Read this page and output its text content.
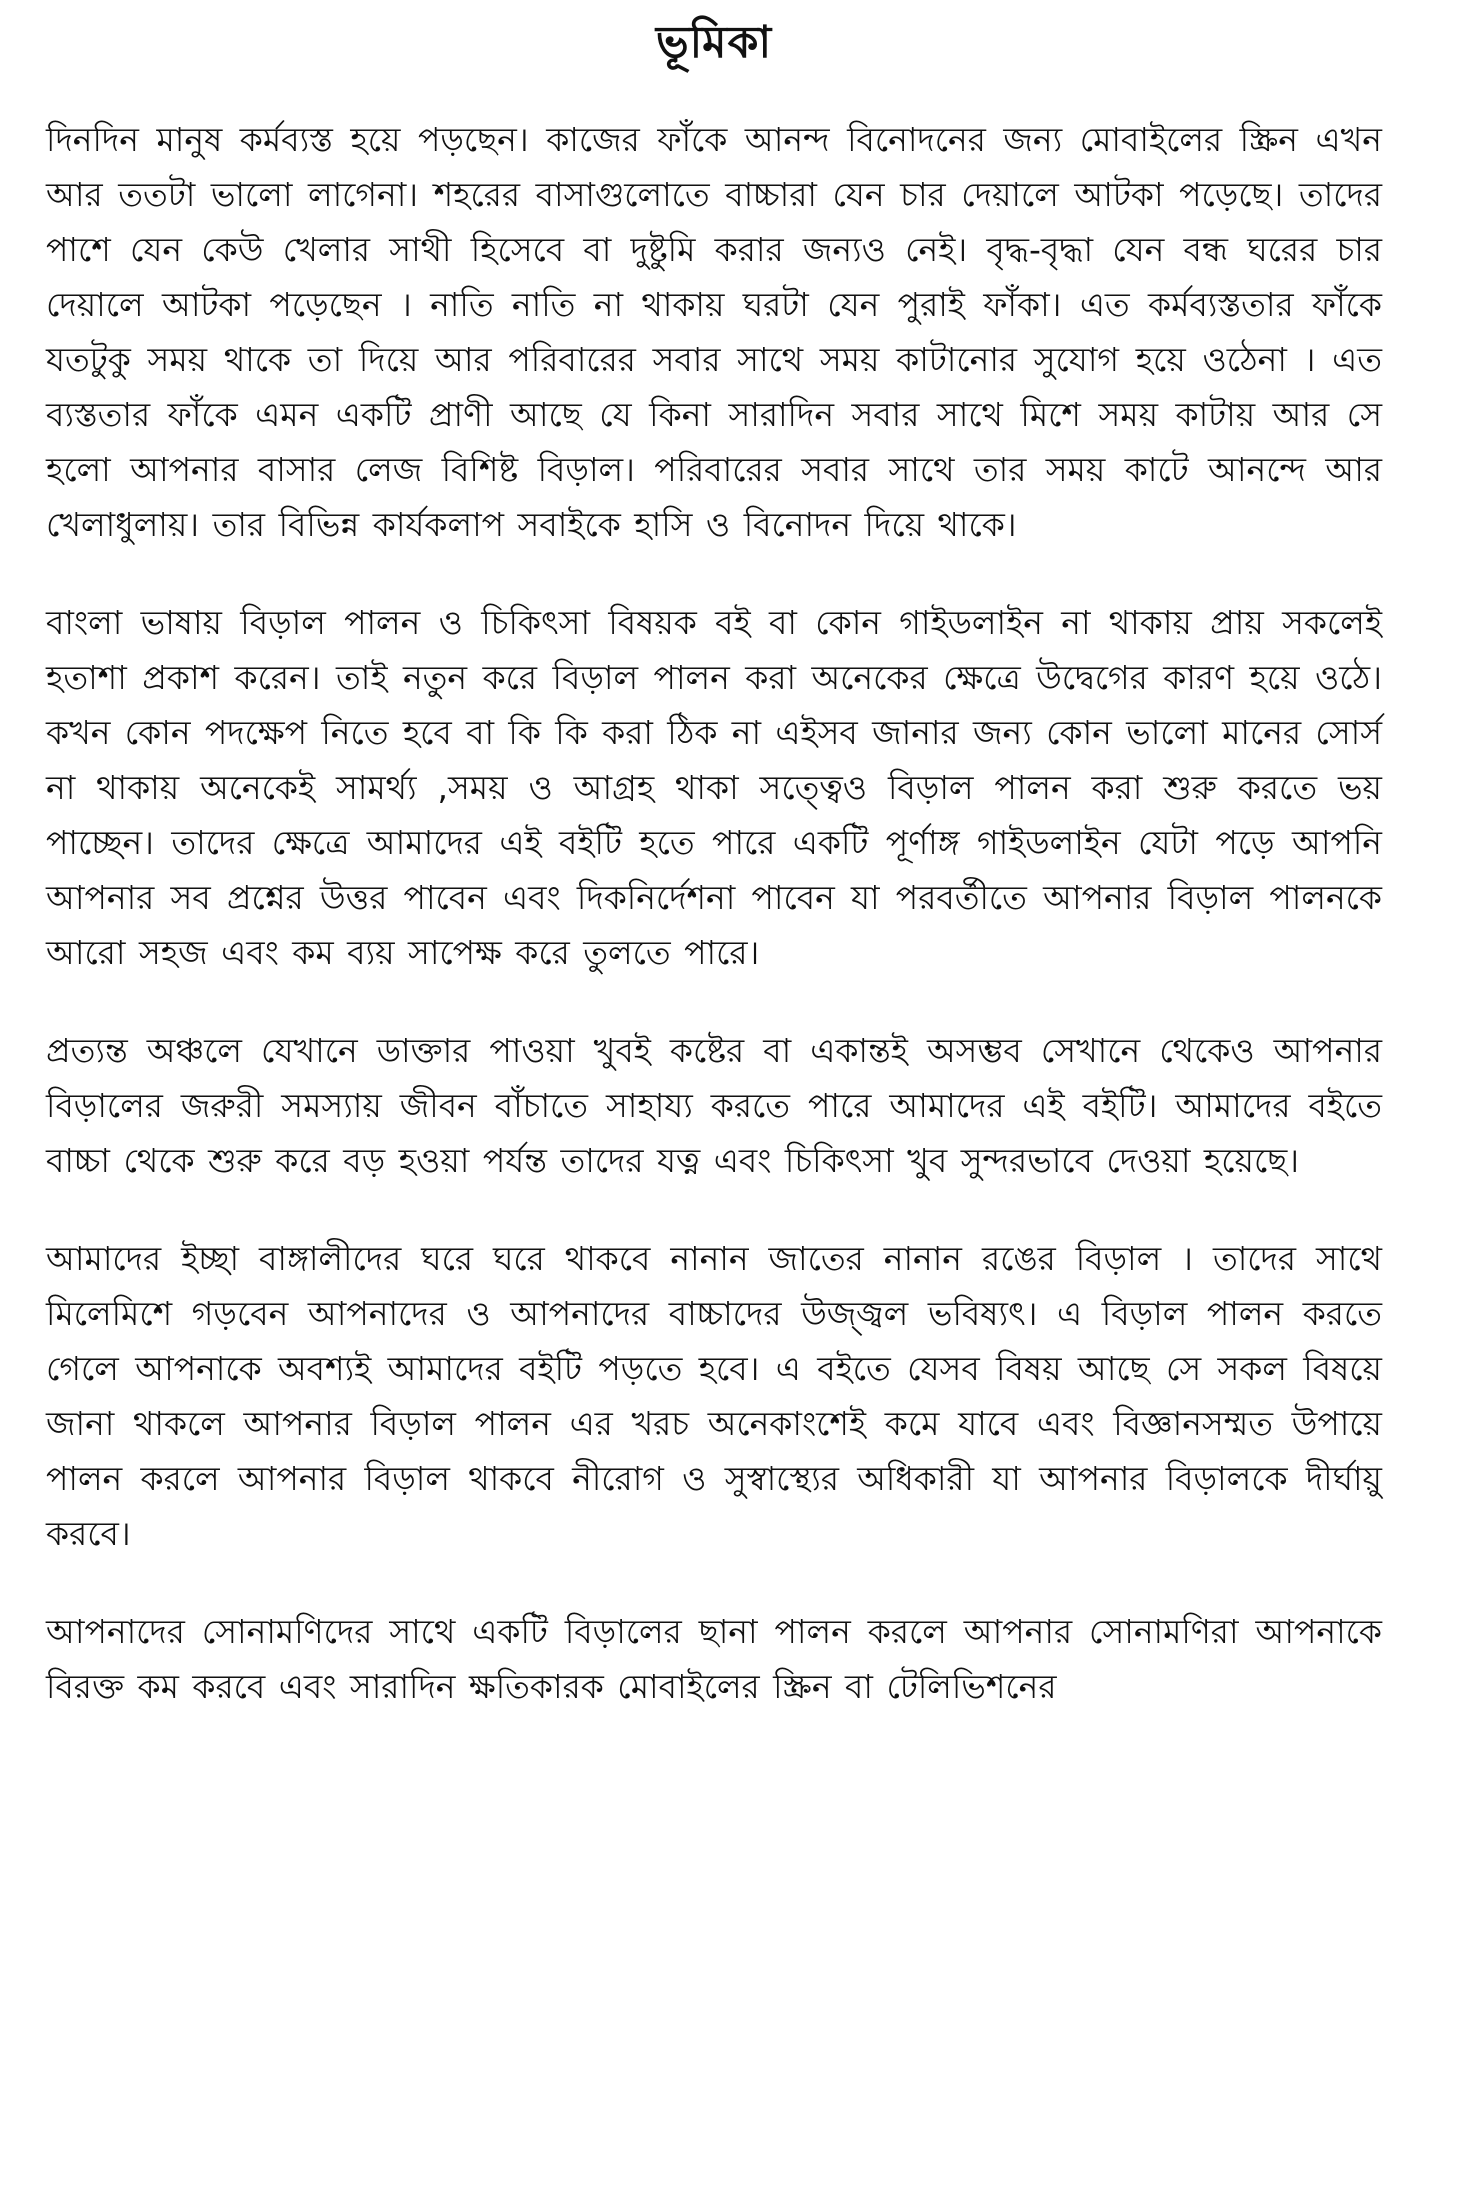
ভূমিকা

দিনদিন মানুষ কর্মব্যস্ত হয়ে পড়ছেন। কাজের ফাঁকে আনন্দ বিনোদনের জন্য মোবাইলের স্ক্রিন এখন আর ততটা ভালো লাগেনা। শহরের বাসাগুলোতে বাচ্চারা যেন চার দেয়ালে আটকা পড়েছে। তাদের পাশে যেন কেউ খেলার সাথী হিসেবে বা দুষ্টুমি করার জন্যও নেই। বৃদ্ধ-বৃদ্ধা যেন বন্ধ ঘরের চার দেয়ালে আটকা পড়েছেন । নাতি নাতি না থাকায় ঘরটা যেন পুরাই ফাঁকা। এত কর্মব্যস্ততার ফাঁকে যতটুকু সময় থাকে তা দিয়ে আর পরিবারের সবার সাথে সময় কাটানোর সুযোগ হয়ে ওঠেনা । এত ব্যস্ততার ফাঁকে এমন একটি প্রাণী আছে যে কিনা সারাদিন সবার সাথে মিশে সময় কাটায় আর সে হলো আপনার বাসার লেজ বিশিষ্ট বিড়াল। পরিবারের সবার সাথে তার সময় কাটে আনন্দে আর খেলাধুলায়। তার বিভিন্ন কার্যকলাপ সবাইকে হাসি ও বিনোদন দিয়ে থাকে।

বাংলা ভাষায় বিড়াল পালন ও চিকিৎসা বিষয়ক বই বা কোন গাইডলাইন না থাকায় প্রায় সকলেই হতাশা প্রকাশ করেন। তাই নতুন করে বিড়াল পালন করা অনেকের ক্ষেত্রে উদ্বেগের কারণ হয়ে ওঠে। কখন কোন পদক্ষেপ নিতে হবে বা কি কি করা ঠিক না এইসব জানার জন্য কোন ভালো মানের সোর্স না থাকায় অনেকেই সামর্থ্য ,সময় ও আগ্রহ থাকা সত্ত্বেও বিড়াল পালন করা শুরু করতে ভয় পাচ্ছেন। তাদের ক্ষেত্রে আমাদের এই বইটি হতে পারে একটি পূর্ণাঙ্গ গাইডলাইন যেটা পড়ে আপনি আপনার সব প্রশ্নের উত্তর পাবেন এবং দিকনির্দেশনা পাবেন যা পরবর্তীতে আপনার বিড়াল পালনকে আরো সহজ এবং কম ব্যয় সাপেক্ষ করে তুলতে পারে।

প্রত্যন্ত অঞ্চলে যেখানে ডাক্তার পাওয়া খুবই কষ্টের বা একান্তই অসম্ভব সেখানে থেকেও আপনার বিড়ালের জরুরী সমস্যায় জীবন বাঁচাতে সাহায্য করতে পারে আমাদের এই বইটি। আমাদের বইতে বাচ্চা থেকে শুরু করে বড় হওয়া পর্যন্ত তাদের যত্ন এবং চিকিৎসা খুব সুন্দরভাবে দেওয়া হয়েছে।

আমাদের ইচ্ছা বাঙ্গালীদের ঘরে ঘরে থাকবে নানান জাতের নানান রঙের বিড়াল । তাদের সাথে মিলেমিশে গড়বেন আপনাদের ও আপনাদের বাচ্চাদের উজ্জ্বল ভবিষ্যৎ। এ বিড়াল পালন করতে গেলে আপনাকে অবশ্যই আমাদের বইটি পড়তে হবে। এ বইতে যেসব বিষয় আছে সে সকল বিষয়ে জানা থাকলে আপনার বিড়াল পালন এর খরচ অনেকাংশেই কমে যাবে এবং বিজ্ঞানসম্মত উপায়ে পালন করলে আপনার বিড়াল থাকবে নীরোগ ও সুস্বাস্থ্যের অধিকারী যা আপনার বিড়ালকে দীর্ঘায়ু করবে।

আপনাদের সোনামণিদের সাথে একটি বিড়ালের ছানা পালন করলে আপনার সোনামণিরা আপনাকে বিরক্ত কম করবে এবং সারাদিন ক্ষতিকারক মোবাইলের স্ক্রিন বা টেলিভিশনের
